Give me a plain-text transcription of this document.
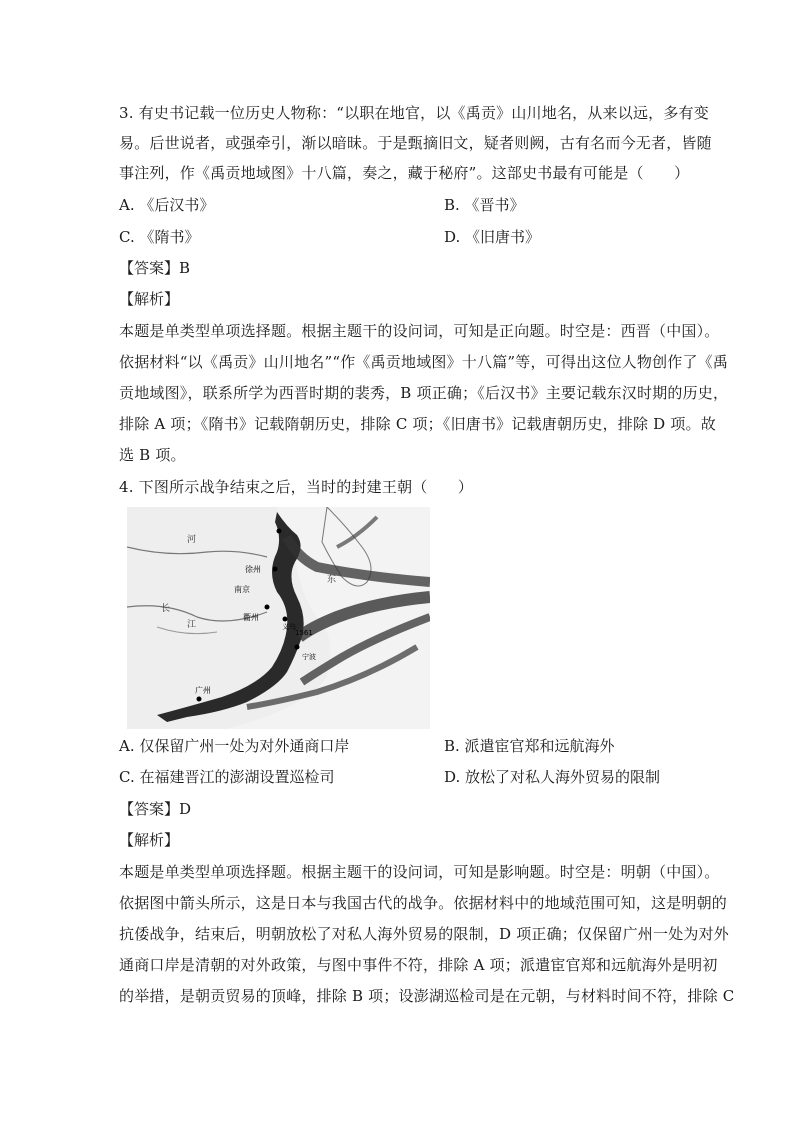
3. 有史书记载一位历史人物称：“以职在地官，以《禹贡》山川地名，从来以远，多有变
易。后世说者，或强牵引，渐以暗昧。于是甄摘旧文，疑者则阙，古有名而今无者，皆随
事注列，作《禹贡地域图》十八篇，奏之，藏于秘府”。这部史书最有可能是（　　）
A. 《后汉书》	B. 《晋书》
C. 《隋书》	D. 《旧唐书》
【答案】B
【解析】
本题是单类型单项选择题。根据主题干的设问词，可知是正向题。时空是：西晋（中国）。
依据材料“以《禹贡》山川地名”“作《禹贡地域图》十八篇”等，可得出这位人物创作了《禹
贡地域图》，联系所学为西晋时期的裴秀，B 项正确；《后汉书》主要记载东汉时期的历史，
排除 A 项；《隋书》记载隋朝历史，排除 C 项；《旧唐书》记载唐朝历史，排除 D 项。故
选 B 项。
4. 下图所示战争结束之后，当时的封建王朝（　　）
徐州
南京
衢州
义乌
1561
宁波
广州
东
河
江
长
A. 仅保留广州一处为对外通商口岸	B. 派遣宦官郑和远航海外
C. 在福建晋江的澎湖设置巡检司	D. 放松了对私人海外贸易的限制
【答案】D
【解析】
本题是单类型单项选择题。根据主题干的设问词，可知是影响题。时空是：明朝（中国）。
依据图中箭头所示，这是日本与我国古代的战争。依据材料中的地域范围可知，这是明朝的
抗倭战争，结束后，明朝放松了对私人海外贸易的限制，D 项正确；仅保留广州一处为对外
通商口岸是清朝的对外政策，与图中事件不符，排除 A 项；派遣宦官郑和远航海外是明初
的举措，是朝贡贸易的顶峰，排除 B 项；设澎湖巡检司是在元朝，与材料时间不符，排除 C
